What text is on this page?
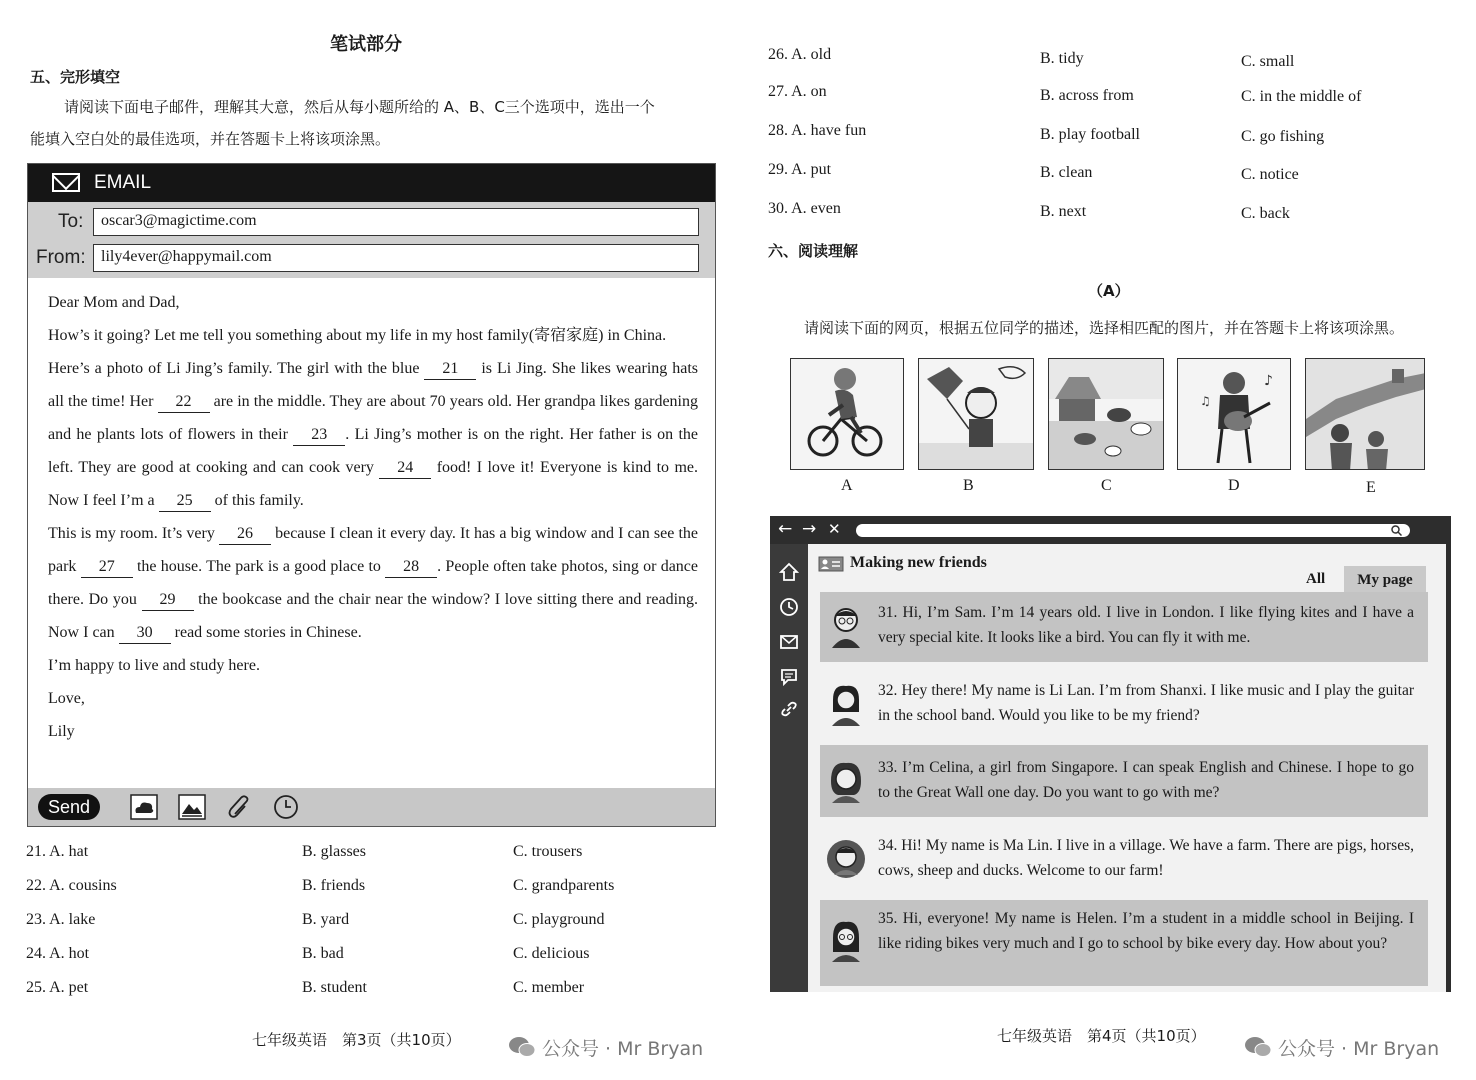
笔试部分
五、完形填空
请阅读下面电子邮件，理解其大意，然后从每小题所给的 A、B、C三个选项中，选出一个
能填入空白处的最佳选项，并在答题卡上将该项涂黑。
EMAIL
To:	oscar3@magictime.com
From: lily4ever@happymail.com

Dear Mom and Dad,

How’s it going? Let me tell you something about my life in my host family(寄宿家庭) in China.

Here’s a photo of Li Jing’s family. The girl with the blue 21 is Li Jing. She likes wearing hats all the time! Her 22 are in the middle. They are about 70 years old. Her grandpa likes gardening and he plants lots of flowers in their 23 . Li Jing’s mother is on the right. Her father is on the left. They are good at cooking and can cook very 24 food! I love it! Everyone is kind to me. Now I feel I’m a 25 of this family.

This is my room. It’s very 26 because I clean it every day. It has a big window and I can see the park 27 the house. The park is a good place to 28 . People often take photos, sing or dance there. Do you 29 the bookcase and the chair near the window? I love sitting there and reading. Now I can 30 read some stories in Chinese.

I’m happy to live and study here.

Love,

Lily

Send
21. A. hat	B. glasses	C. trousers
22. A. cousins	B. friends	C. grandparents
23. A. lake	B. yard	C. playground
24. A. hot	B. bad	C. delicious
25. A. pet	B. student	C. member
七年级英语　第3页（共10页）	公众号 · Mr Bryan
26. A. old	B. tidy	C. small
27. A. on	B. across from	C. in the middle of
28. A. have fun	B. play football	C. go fishing
29. A. put	B. clean	C. notice
30. A. even	B. next	C. back
六、阅读理解
（A）
请阅读下面的网页，根据五位同学的描述，选择相匹配的图片，并在答题卡上将该项涂黑。
♪
♫
A	B	C	D	E
← → ✕
Making new friends
All	My page
31. Hi, I’m Sam. I’m 14 years old. I live in London. I like flying kites and I have a very special kite. It looks like a bird. You can fly it with me.
32. Hey there! My name is Li Lan. I’m from Shanxi. I like music and I play the guitar in the school band. Would you like to be my friend?
33. I’m Celina, a girl from Singapore. I can speak English and Chinese. I hope to go to the Great Wall one day. Do you want to go with me?
34. Hi! My name is Ma Lin. I live in a village. We have a farm. There are pigs, horses, cows, sheep and ducks. Welcome to our farm!
35. Hi, everyone! My name is Helen. I’m a student in a middle school in Beijing. I like riding bikes very much and I go to school by bike every day. How about you?
七年级英语　第4页（共10页）
公众号 · Mr Bryan
